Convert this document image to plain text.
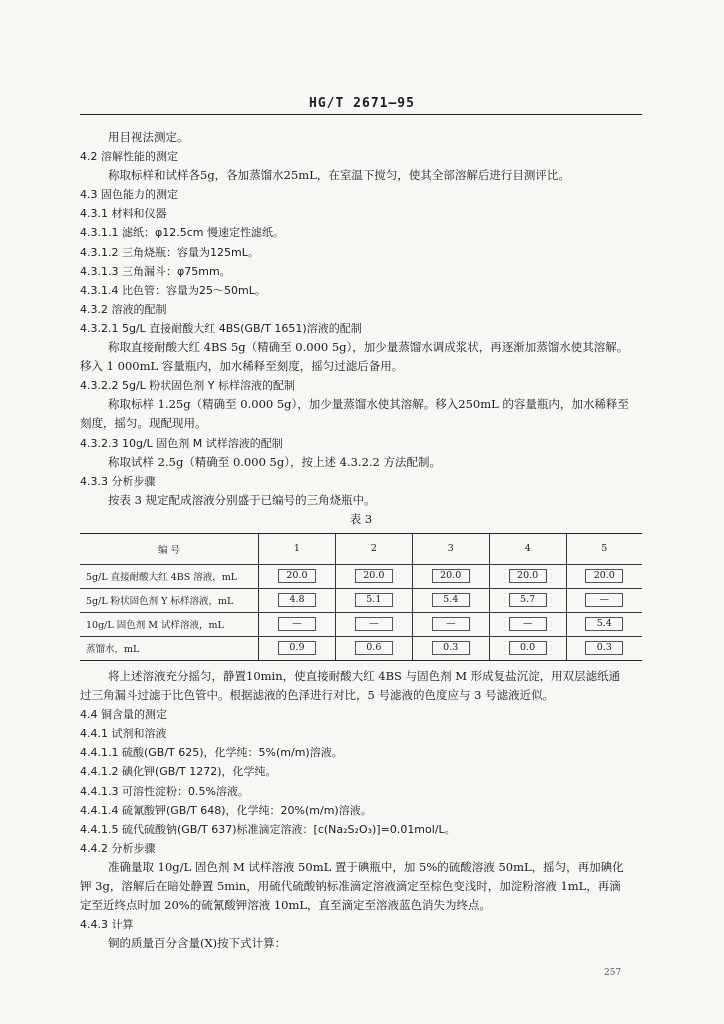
HG/T 2671—95
用目视法测定。
4.2 溶解性能的测定
称取标样和试样各5g，各加蒸馏水25mL，在室温下搅匀，使其全部溶解后进行目测评比。
4.3 固色能力的测定
4.3.1 材料和仪器
4.3.1.1 滤纸：φ12.5cm 慢速定性滤纸。
4.3.1.2 三角烧瓶：容量为125mL。
4.3.1.3 三角漏斗：φ75mm。
4.3.1.4 比色管：容量为25～50mL。
4.3.2 溶液的配制
4.3.2.1 5g/L 直接耐酸大红 4BS(GB/T 1651)溶液的配制
称取直接耐酸大红 4BS 5g（精确至 0.000 5g），加少量蒸馏水调成浆状，再逐渐加蒸馏水使其溶解。
移入 1 000mL 容量瓶内，加水稀释至刻度，摇匀过滤后备用。
4.3.2.2 5g/L 粉状固色剂 Y 标样溶液的配制
称取标样 1.25g（精确至 0.000 5g），加少量蒸馏水使其溶解。移入250mL 的容量瓶内，加水稀释至
刻度，摇匀。现配现用。
4.3.2.3 10g/L 固色剂 M 试样溶液的配制
称取试样 2.5g（精确至 0.000 5g），按上述 4.3.2.2 方法配制。
4.3.3 分析步骤
按表 3 规定配成溶液分别盛于已编号的三角烧瓶中。
表 3
编 号	1	2	3	4	5
5g/L 直接耐酸大红 4BS 溶液，mL	20.0	20.0	20.0	20.0	20.0
5g/L 粉状固色剂 Y 标样溶液，mL	4.8	5.1	5.4	5.7	—
10g/L 固色剂 M 试样溶液，mL	—	—	—	—	5.4
蒸馏水，mL	0.9	0.6	0.3	0.0	0.3
将上述溶液充分摇匀，静置10min，使直接耐酸大红 4BS 与固色剂 M 形成复盐沉淀，用双层滤纸通
过三角漏斗过滤于比色管中。根据滤液的色泽进行对比，5 号滤液的色度应与 3 号滤液近似。
4.4 铜含量的测定
4.4.1 试剂和溶液
4.4.1.1 硫酸(GB/T 625)，化学纯：5%(m/m)溶液。
4.4.1.2 碘化钾(GB/T 1272)，化学纯。
4.4.1.3 可溶性淀粉：0.5%溶液。
4.4.1.4 硫氰酸钾(GB/T 648)，化学纯：20%(m/m)溶液。
4.4.1.5 硫代硫酸钠(GB/T 637)标准滴定溶液：[c(Na₂S₂O₃)]=0.01mol/L。
4.4.2 分析步骤
准确量取 10g/L 固色剂 M 试样溶液 50mL 置于碘瓶中，加 5%的硫酸溶液 50mL，摇匀，再加碘化
钾 3g，溶解后在暗处静置 5min，用硫代硫酸钠标准滴定溶液滴定至棕色变浅时，加淀粉溶液 1mL，再滴
定至近终点时加 20%的硫氰酸钾溶液 10mL，直至滴定至溶液蓝色消失为终点。
4.4.3 计算
铜的质量百分含量(X)按下式计算：
257
